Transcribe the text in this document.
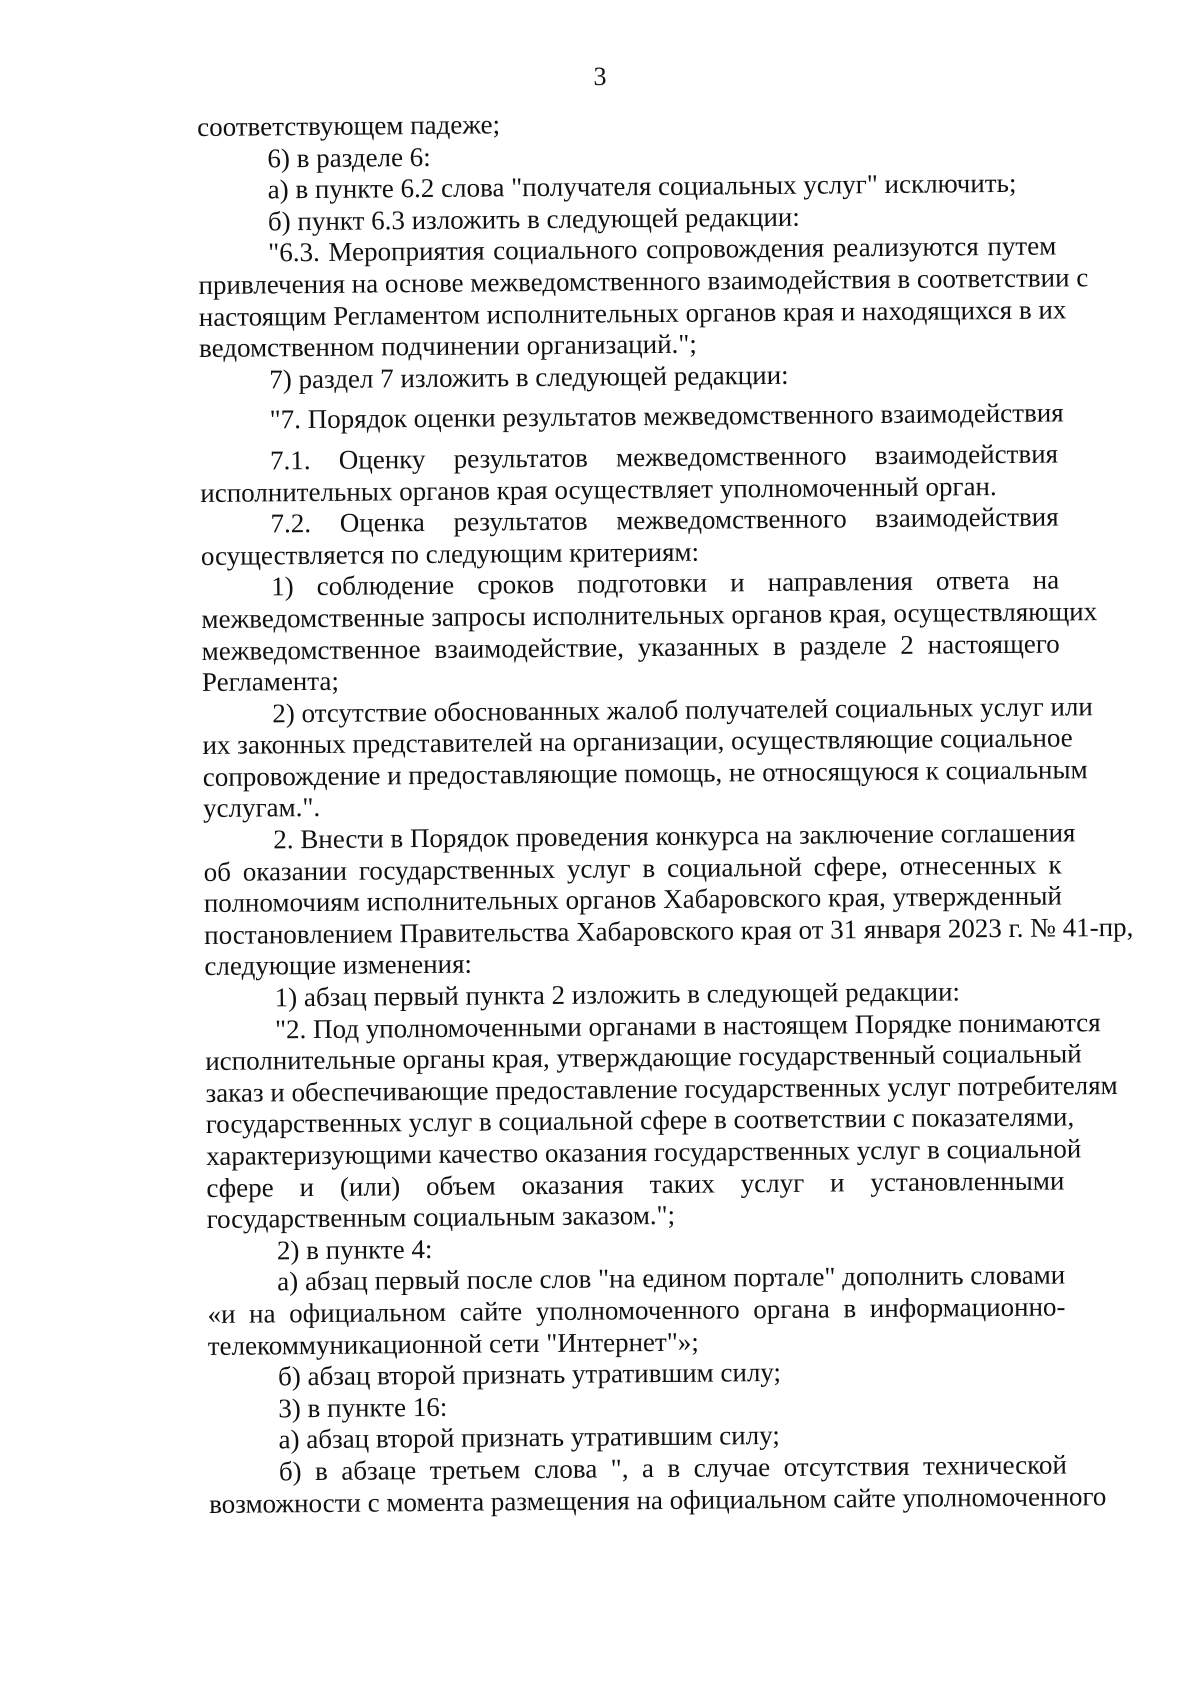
3
соответствующем падеже;
6) в разделе 6:
а) в пункте 6.2 слова "получателя социальных услуг" исключить;
б) пункт 6.3 изложить в следующей редакции:
"6.3. Мероприятия социального сопровождения реализуются путем
привлечения на основе межведомственного взаимодействия в соответствии с
настоящим Регламентом исполнительных органов края и находящихся в их
ведомственном подчинении организаций.";
7) раздел 7 изложить в следующей редакции:
"7. Порядок оценки результатов межведомственного взаимодействия
7.1. Оценку результатов межведомственного взаимодействия
исполнительных органов края осуществляет уполномоченный орган.
7.2. Оценка результатов межведомственного взаимодействия
осуществляется по следующим критериям:
1) соблюдение сроков подготовки и направления ответа на
межведомственные запросы исполнительных органов края, осуществляющих
межведомственное взаимодействие, указанных в разделе 2 настоящего
Регламента;
2) отсутствие обоснованных жалоб получателей социальных услуг или
их законных представителей на организации, осуществляющие социальное
сопровождение и предоставляющие помощь, не относящуюся к социальным
услугам.".
2. Внести в Порядок проведения конкурса на заключение соглашения
об оказании государственных услуг в социальной сфере, отнесенных к
полномочиям исполнительных органов Хабаровского края, утвержденный
постановлением Правительства Хабаровского края от 31 января 2023 г. № 41-пр,
следующие изменения:
1) абзац первый пункта 2 изложить в следующей редакции:
"2. Под уполномоченными органами в настоящем Порядке понимаются
исполнительные органы края, утверждающие государственный социальный
заказ и обеспечивающие предоставление государственных услуг потребителям
государственных услуг в социальной сфере в соответствии с показателями,
характеризующими качество оказания государственных услуг в социальной
сфере и (или) объем оказания таких услуг и установленными
государственным социальным заказом.";
2) в пункте 4:
а) абзац первый после слов "на едином портале" дополнить словами
«и на официальном сайте уполномоченного органа в информационно-
телекоммуникационной сети "Интернет"»;
б) абзац второй признать утратившим силу;
3) в пункте 16:
а) абзац второй признать утратившим силу;
б) в абзаце третьем слова ", а в случае отсутствия технической
возможности с момента размещения на официальном сайте уполномоченного
